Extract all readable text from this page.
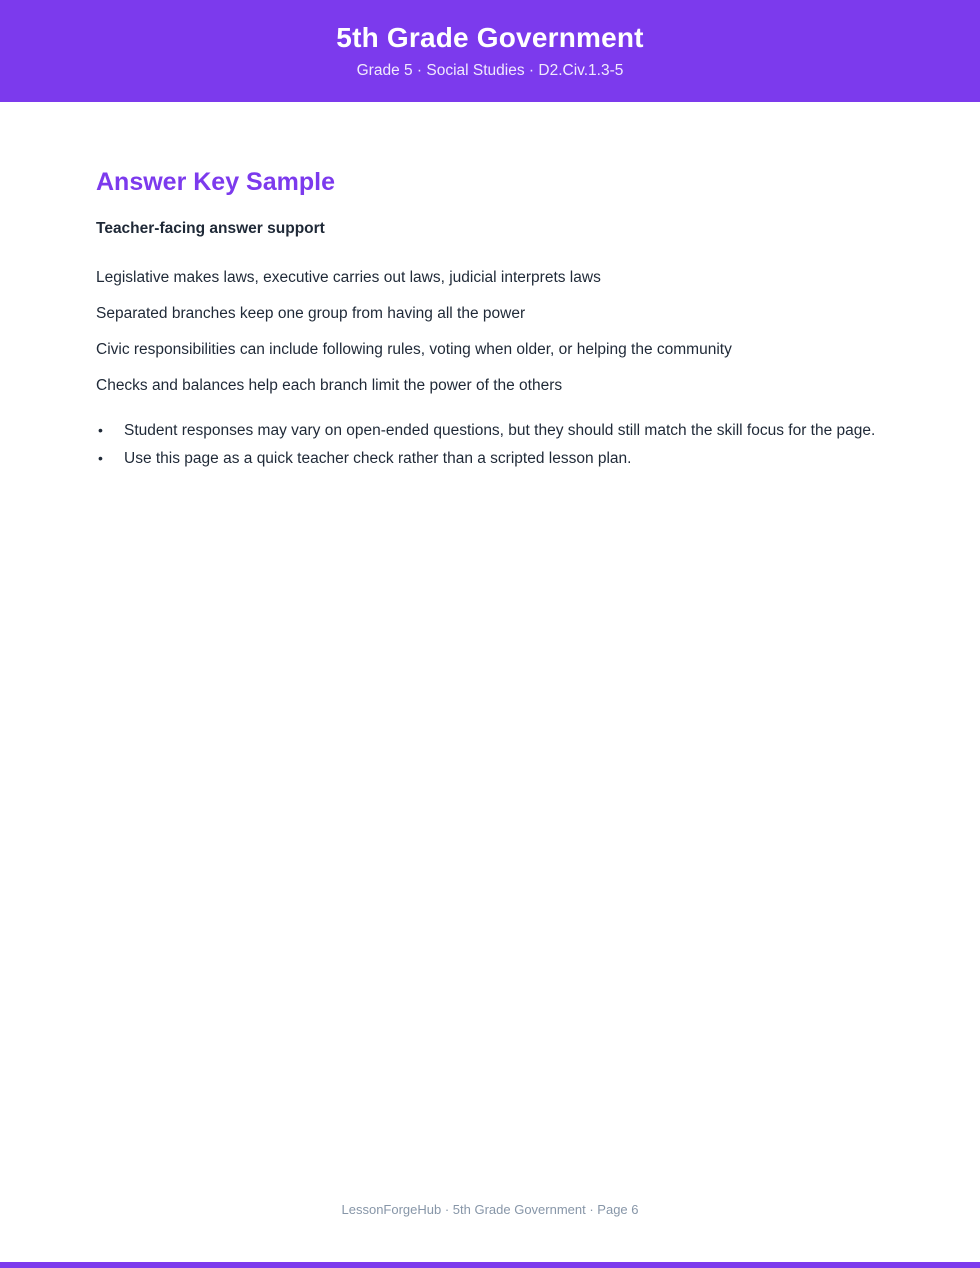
5th Grade Government
Grade 5 · Social Studies · D2.Civ.1.3-5
Answer Key Sample
Teacher-facing answer support

Legislative makes laws, executive carries out laws, judicial interprets laws

Separated branches keep one group from having all the power

Civic responsibilities can include following rules, voting when older, or helping the community

Checks and balances help each branch limit the power of the others

• Student responses may vary on open-ended questions, but they should still match the skill focus for the page.
• Use this page as a quick teacher check rather than a scripted lesson plan.
LessonForgeHub · 5th Grade Government · Page 6
